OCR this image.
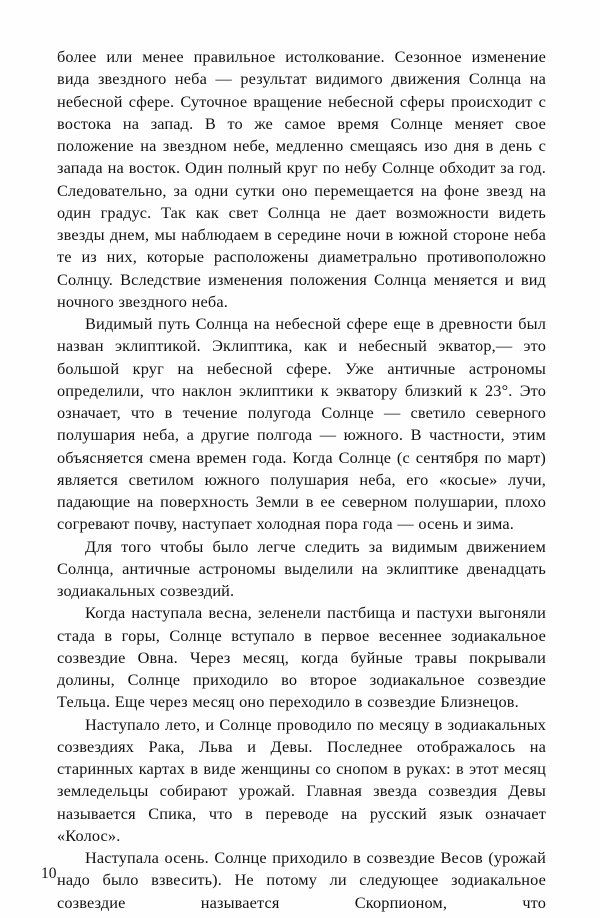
более или менее правильное истолкование. Сезонное изменение вида звездного неба — результат видимого движения Солнца на небесной сфере. Суточное вращение небесной сферы происходит с востока на запад. В то же самое время Солнце меняет свое положение на звездном небе, медленно смещаясь изо дня в день с запада на восток. Один полный круг по небу Солнце обходит за год. Следовательно, за одни сутки оно перемещается на фоне звезд на один градус. Так как свет Солнца не дает возможности видеть звезды днем, мы наблюдаем в середине ночи в южной стороне неба те из них, которые расположены диаметрально противоположно Солнцу. Вследствие изменения положения Солнца меняется и вид ночного звездного неба.

Видимый путь Солнца на небесной сфере еще в древности был назван эклиптикой. Эклиптика, как и небесный экватор,— это большой круг на небесной сфере. Уже античные астрономы определили, что наклон эклиптики к экватору близкий к 23°. Это означает, что в течение полугода Солнце — светило северного полушария неба, а другие полгода — южного. В частности, этим объясняется смена времен года. Когда Солнце (с сентября по март) является светилом южного полушария неба, его «косые» лучи, падающие на поверхность Земли в ее северном полушарии, плохо согревают почву, наступает холодная пора года — осень и зима.

Для того чтобы было легче следить за видимым движением Солнца, античные астрономы выделили на эклиптике двенадцать зодиакальных созвездий.

Когда наступала весна, зеленели пастбища и пастухи выгоняли стада в горы, Солнце вступало в первое весеннее зодиакальное созвездие Овна. Через месяц, когда буйные травы покрывали долины, Солнце приходило во второе зодиакальное созвездие Тельца. Еще через месяц оно переходило в созвездие Близнецов.

Наступало лето, и Солнце проводило по месяцу в зодиакальных созвездиях Рака, Льва и Девы. Последнее отображалось на старинных картах в виде женщины со снопом в руках: в этот месяц земледельцы собирают урожай. Главная звезда созвездия Девы называется Спика, что в переводе на русский язык означает «Колос».

Наступала осень. Солнце приходило в созвездие Весов (урожай надо было взвесить). Не потому ли следующее зодиакальное созвездие называется Скорпионом, что

10
